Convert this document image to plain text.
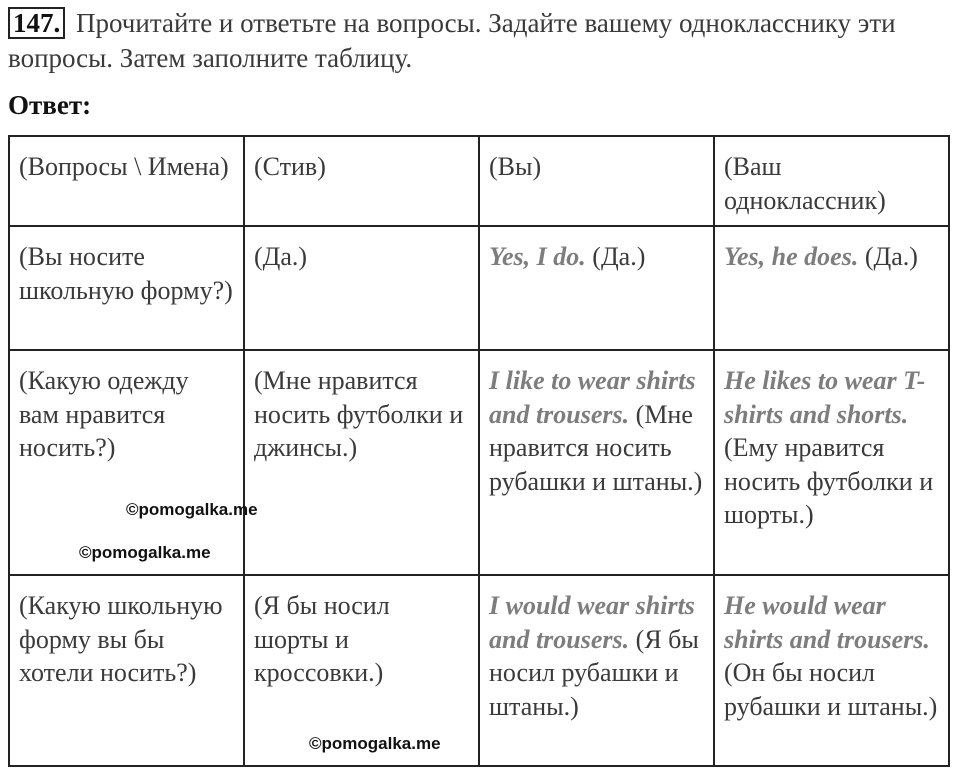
147. Прочитайте и ответьте на вопросы. Задайте вашему однокласснику эти вопросы. Затем заполните таблицу.
Ответ:
(Вопросы \ Имена)	(Стив)	(Вы)	(Ваш одноклассник)
(Вы носите школьную форму?)	(Да.)	Yes, I do. (Да.)	Yes, he does. (Да.)
(Какую одежду вам нравится носить?)	(Мне нравится носить футболки и джинсы.)	I like to wear shirts and trousers. (Мне нравится носить рубашки и штаны.)	He likes to wear T-shirts and shorts. (Ему нравится носить футболки и шорты.)
(Какую школьную форму вы бы хотели носить?)	(Я бы носил шорты и кроссовки.)	I would wear shirts and trousers. (Я бы носил рубашки и штаны.)	He would wear shirts and trousers. (Он бы носил рубашки и штаны.)
©pomogalka.me
©pomogalka.me
©pomogalka.me
